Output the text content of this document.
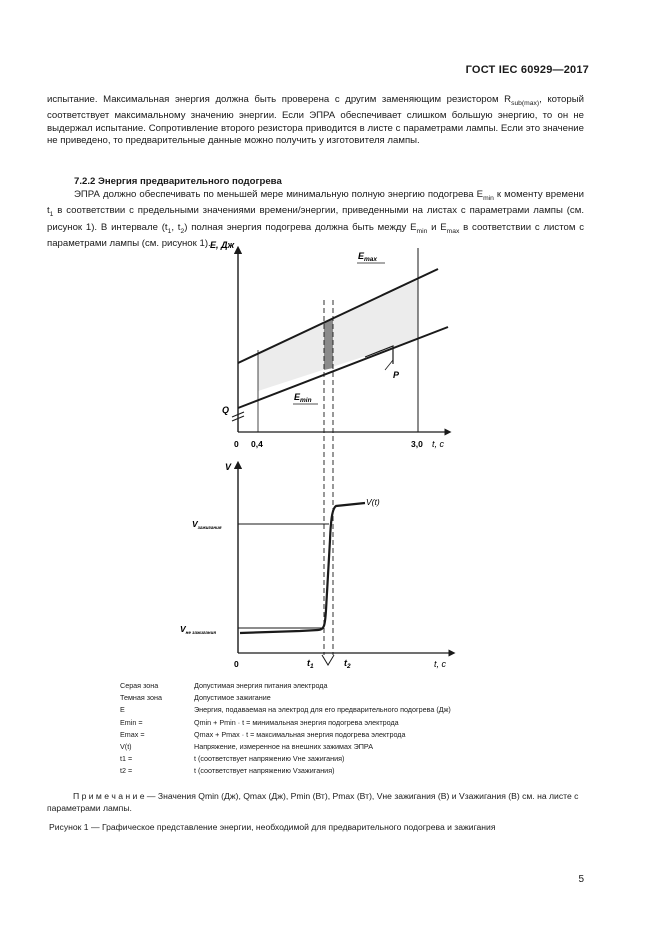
ГОСТ IEC 60929—2017

испытание. Максимальная энергия должна быть проверена с другим заменяющим резистором $R_{sub(max)}$, который соответствует максимальному значению энергии. Если ЭПРА обеспечивает слишком большую энергию, то он не выдержал испытание. Сопротивление второго резистора приводится в листе с параметрами лампы. Если это значение не приведено, то предварительные данные можно получить у изготовителя лампы.

7.2.2 Энергия предварительного подогрева

ЭПРА должно обеспечивать по меньшей мере минимальную полную энергию подогрева $E_{min}$ к моменту времени $t_1$ в соответствии с предельными значениями времени/энергии, приведенными на листах с параметрами лампы (см. рисунок 1). В интервале ($t_1$, $t_2$) полная энергия подогрева должна быть между $E_{min}$ и $E_{max}$ в соответствии с листом с параметрами лампы (см. рисунок 1).

P
E, Дж
t, с
0 0,4	3,0
Q
$E_{max}$
$E_{min}$
V
t, c
0
V(t)
$V_{зажигания}$
$V_{не зажигания}$
$t_1$	$t_2$
Серая зона	Допустимая энергия питания электрода
Темная зона	Допустимое зажигание
E	Энергия, подаваемая на электрод для его предварительного подогрева (Дж)
Emin =	Qmin + Pmin · t = минимальная энергия подогрева электрода
Emax =	Qmax + Pmax · t = максимальная энергия подогрева электрода
V(t)	Напряжение, измеренное на внешних зажимах ЭПРА
t1 =	t (соответствует напряжению Vне зажигания)
t2 =	t (соответствует напряжению Vзажигания)
П р и м е ч а н и е — Значения Qmin (Дж), Qmax (Дж), Pmin (Вт), Pmax (Вт), Vне зажигания (В) и Vзажигания (В) см. на листе с параметрами лампы.
Рисунок 1 — Графическое представление энергии, необходимой для предварительного подогрева и зажигания
5
